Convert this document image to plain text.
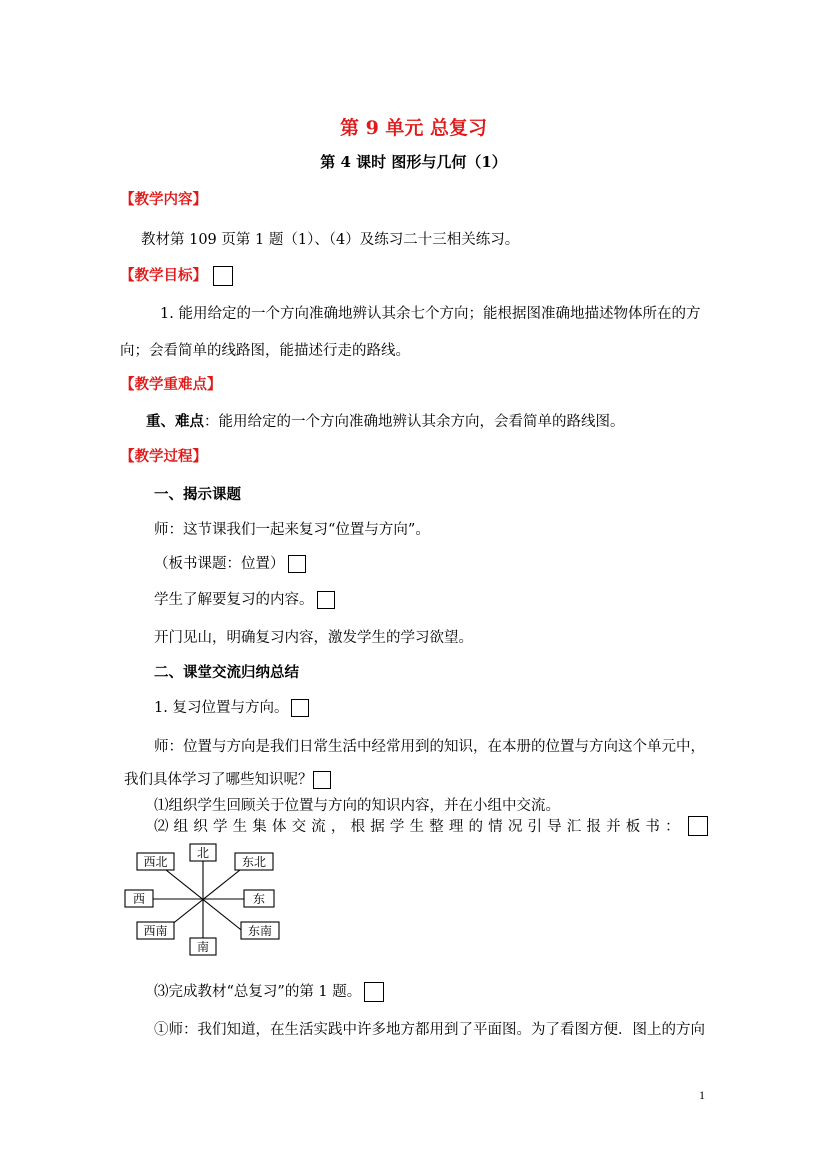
第 9 单元 总复习
第 4 课时 图形与几何（1）
【教学内容】
教材第 109 页第 1 题（1）、（4）及练习二十三相关练习。
【教学目标】
1. 能用给定的一个方向准确地辨认其余七个方向；能根据图准确地描述物体所在的方
向；会看简单的线路图，能描述行走的路线。
【教学重难点】
重、难点：能用给定的一个方向准确地辨认其余方向，会看简单的路线图。
【教学过程】
一、揭示课题
师：这节课我们一起来复习“位置与方向”。
（板书课题：位置）
学生了解要复习的内容。
开门见山，明确复习内容，激发学生的学习欲望。
二、课堂交流归纳总结
1. 复习位置与方向。
师：位置与方向是我们日常生活中经常用到的知识，在本册的位置与方向这个单元中，
我们具体学习了哪些知识呢？
⑴组织学生回顾关于位置与方向的知识内容，并在小组中交流。
⑵ 组 织 学 生 集 体 交 流 ， 根 据 学 生 整 理 的 情 况 引 导 汇 报 并 板 书 ：
北
东北
西北
西	东
西南	东南
南
⑶完成教材“总复习”的第 1 题。
①师：我们知道，在生活实践中许多地方都用到了平面图。为了看图方便．图上的方向
1
